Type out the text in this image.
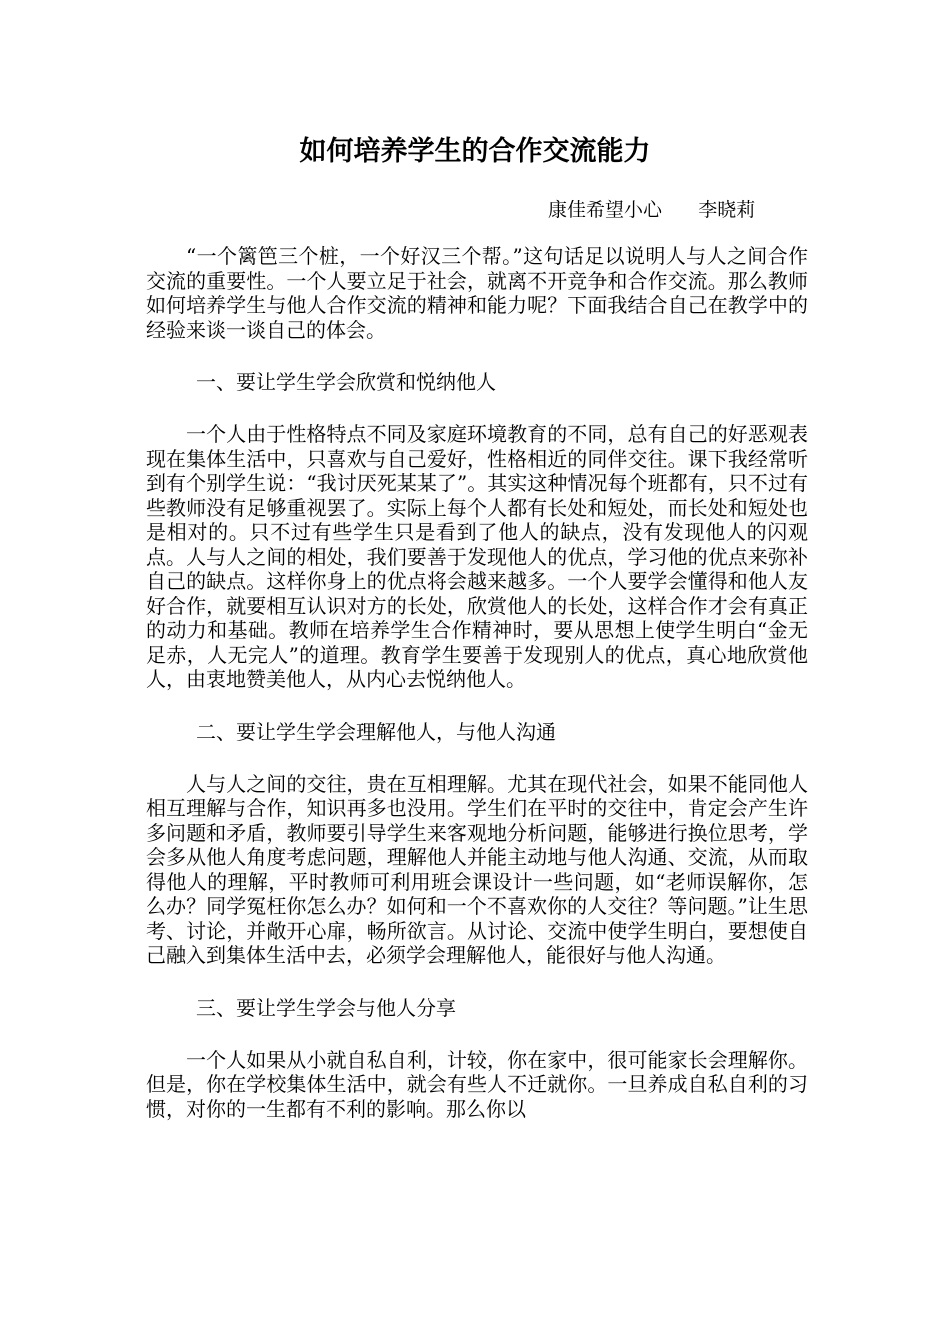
如何培养学生的合作交流能力

康佳希望小心      李晓莉

“一个篱笆三个桩，一个好汉三个帮。”这句话足以说明人与人之间合作交流的重要性。一个人要立足于社会，就离不开竞争和合作交流。那么教师如何培养学生与他人合作交流的精神和能力呢？下面我结合自己在教学中的经验来谈一谈自己的体会。

一、要让学生学会欣赏和悦纳他人

一个人由于性格特点不同及家庭环境教育的不同，总有自己的好恶观表现在集体生活中，只喜欢与自己爱好，性格相近的同伴交往。课下我经常听到有个别学生说：“我讨厌死某某了”。其实这种情况每个班都有，只不过有些教师没有足够重视罢了。实际上每个人都有长处和短处，而长处和短处也是相对的。只不过有些学生只是看到了他人的缺点，没有发现他人的闪观点。人与人之间的相处，我们要善于发现他人的优点，学习他的优点来弥补自己的缺点。这样你身上的优点将会越来越多。一个人要学会懂得和他人友好合作，就要相互认识对方的长处，欣赏他人的长处，这样合作才会有真正的动力和基础。教师在培养学生合作精神时，要从思想上使学生明白“金无足赤，人无完人”的道理。教育学生要善于发现别人的优点，真心地欣赏他人，由衷地赞美他人，从内心去悦纳他人。

二、要让学生学会理解他人，与他人沟通

人与人之间的交往，贵在互相理解。尤其在现代社会，如果不能同他人相互理解与合作，知识再多也没用。学生们在平时的交往中，肯定会产生许多问题和矛盾，教师要引导学生来客观地分析问题，能够进行换位思考，学会多从他人角度考虑问题，理解他人并能主动地与他人沟通、交流，从而取得他人的理解，平时教师可利用班会课设计一些问题，如“老师误解你，怎么办？同学冤枉你怎么办？如何和一个不喜欢你的人交往？等问题。”让生思考、讨论，并敞开心扉，畅所欲言。从讨论、交流中使学生明白，要想使自己融入到集体生活中去，必须学会理解他人，能很好与他人沟通。

三、要让学生学会与他人分享

一个人如果从小就自私自利，计较，你在家中，很可能家长会理解你。但是，你在学校集体生活中，就会有些人不迁就你。一旦养成自私自利的习惯，对你的一生都有不利的影响。那么你以
